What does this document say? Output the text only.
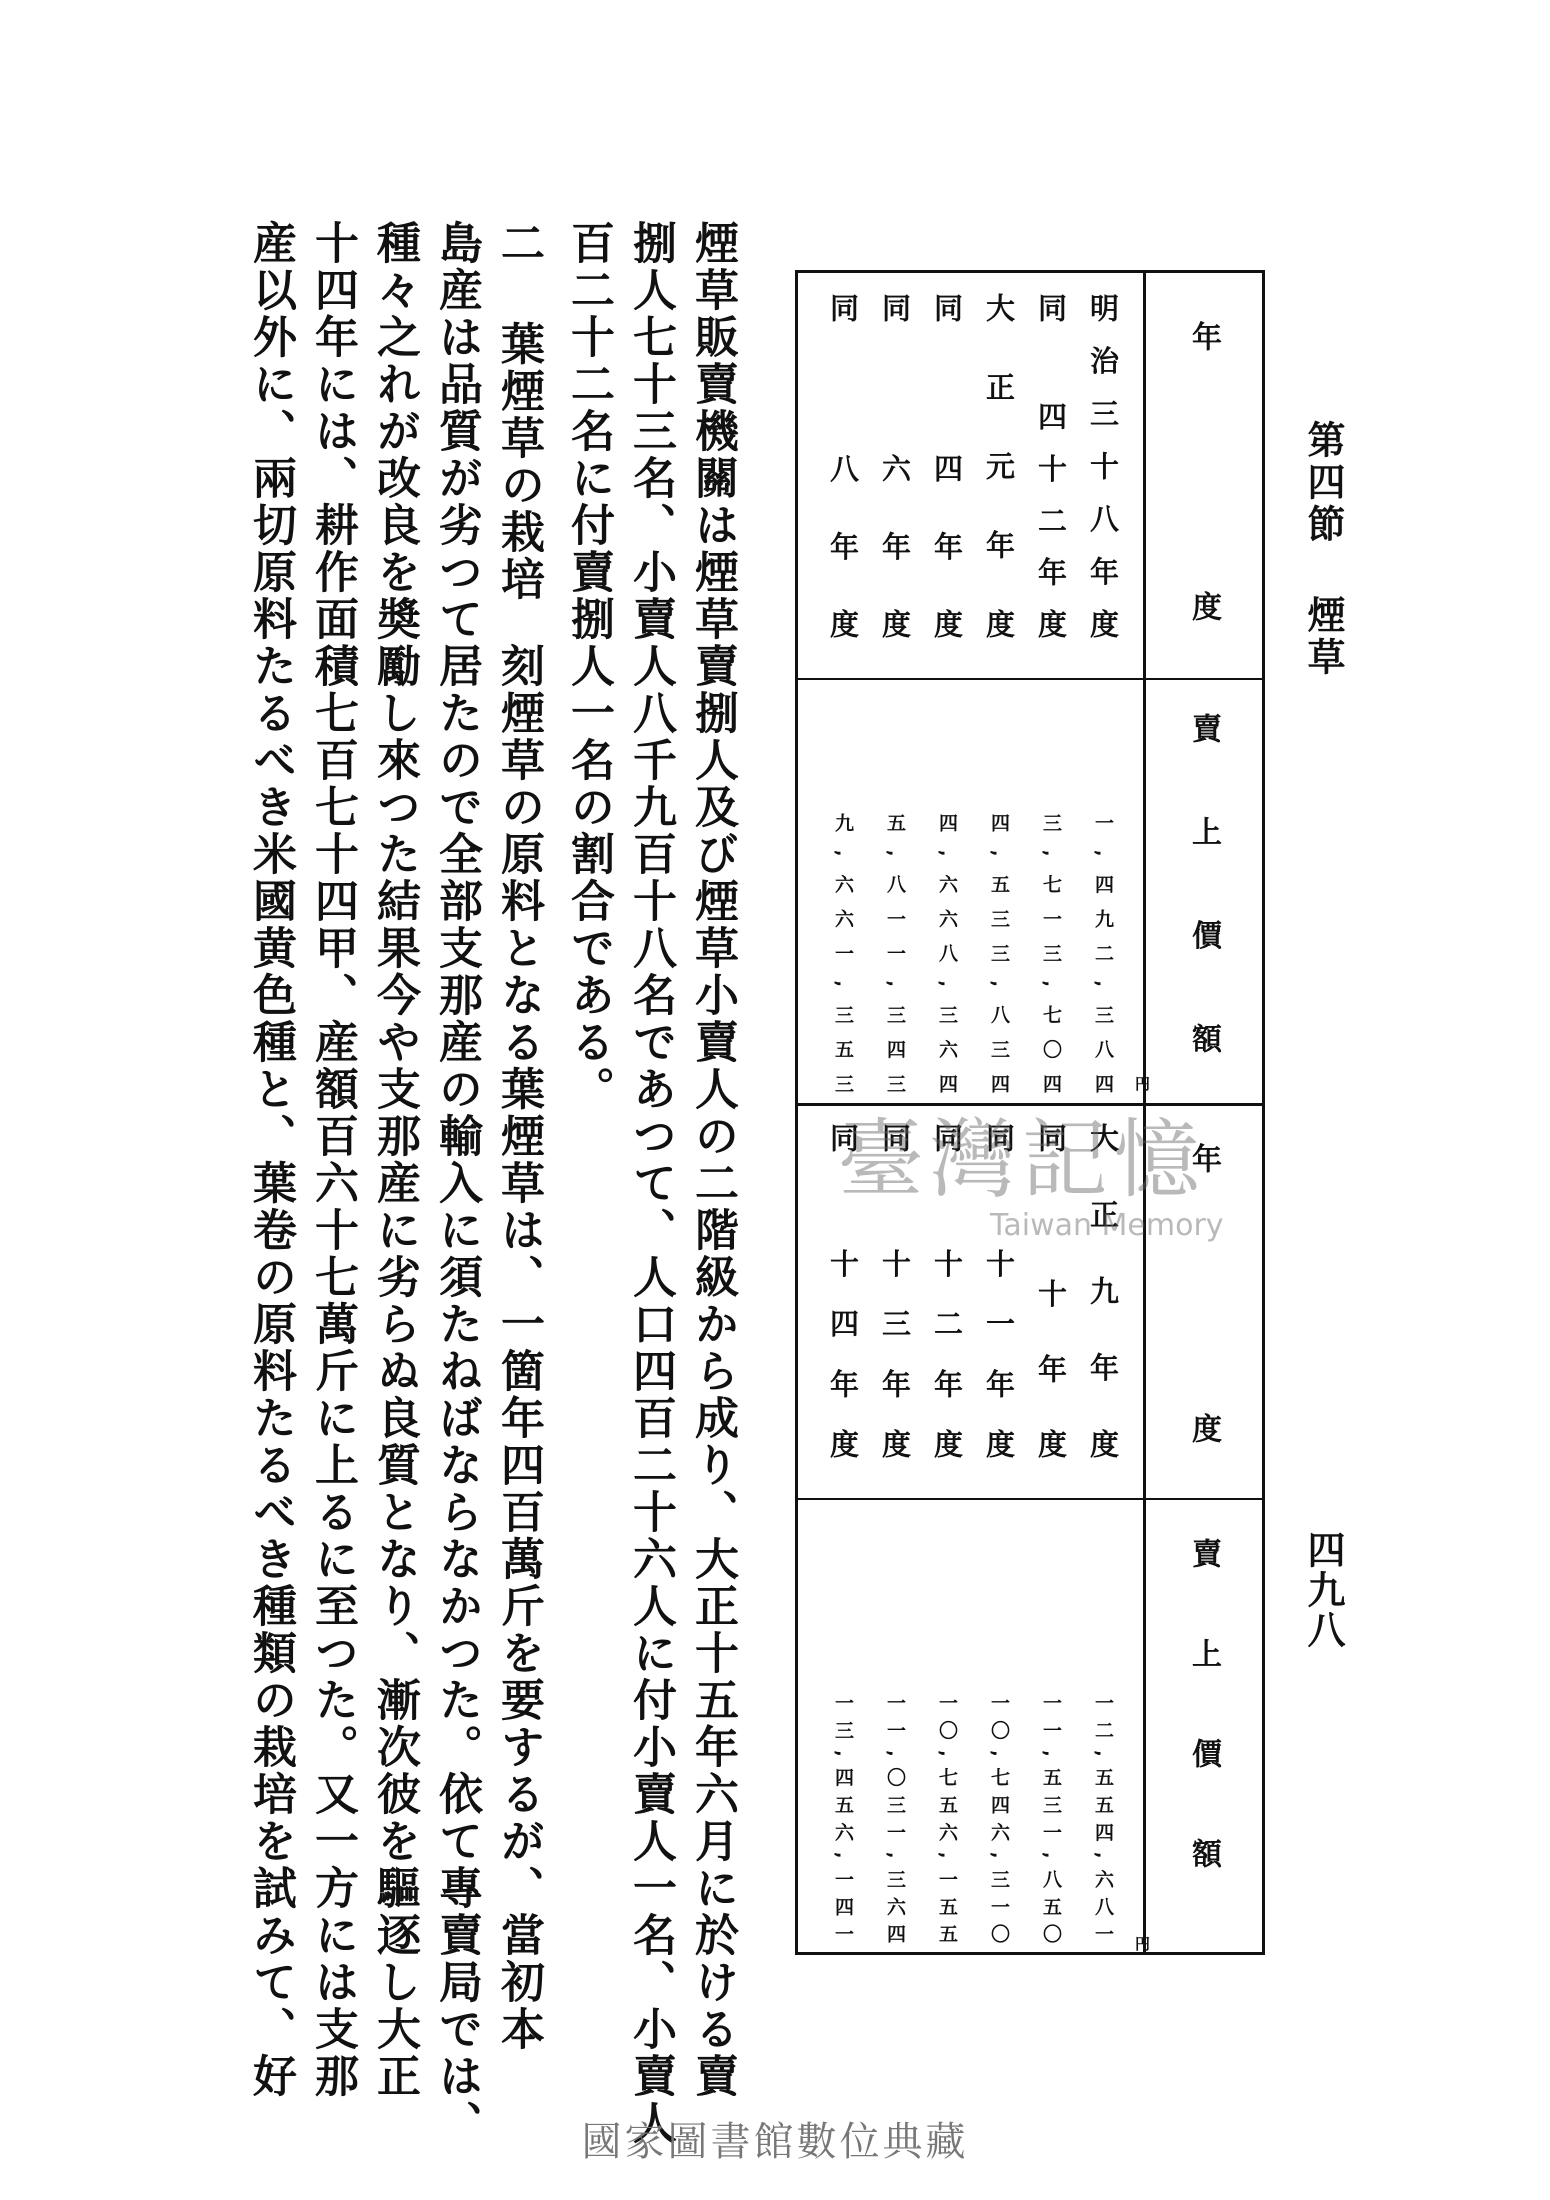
第四節 煙草
四九八
年度
賣上價額
年度
賣上價額
明治三十八年度
同 四十二年度
大正元年度
同 四年度
同 六年度
同 八年度
一,四九二,三八四
三,七一三,七〇四
四,五三三,八三四
四,六六八,三六四
五,八一一,三四三
九,六六一,三五三	円
大正九年度
同 十年度
同 十一年度
同 十二年度
同 十三年度
同 十四年度
一二,五五四,六八一
一一,五三一,八五〇
一〇,七四六,三一〇
一〇,七五六,一五五
一一,〇三一,三六四
一三,四五六,一四一
円
煙草販賣機關は煙草賣捌人及び煙草小賣人の二階級から成り、大正十五年六月に於ける賣
捌人七十三名、小賣人八千九百十八名であつて、人口四百二十六人に付小賣人一名、小賣人
百二十二名に付賣捌人一名の割合である。
二 葉煙草の栽培刻煙草の原料となる葉煙草は、一箇年四百萬斤を要するが、當初本
島産は品質が劣つて居たので全部支那産の輸入に須たねばならなかつた。依て專賣局では、
種々之れが改良を奬勵し來つた結果今や支那産に劣らぬ良質となり、漸次彼を驅逐し大正
十四年には、耕作面積七百七十四甲、産額百六十七萬斤に上るに至つた。又一方には支那
産以外に、兩切原料たるべき米國黄色種と、葉卷の原料たるべき種類の栽培を試みて、好	臺灣記憶
Taiwan Memory
國家圖書館數位典藏
